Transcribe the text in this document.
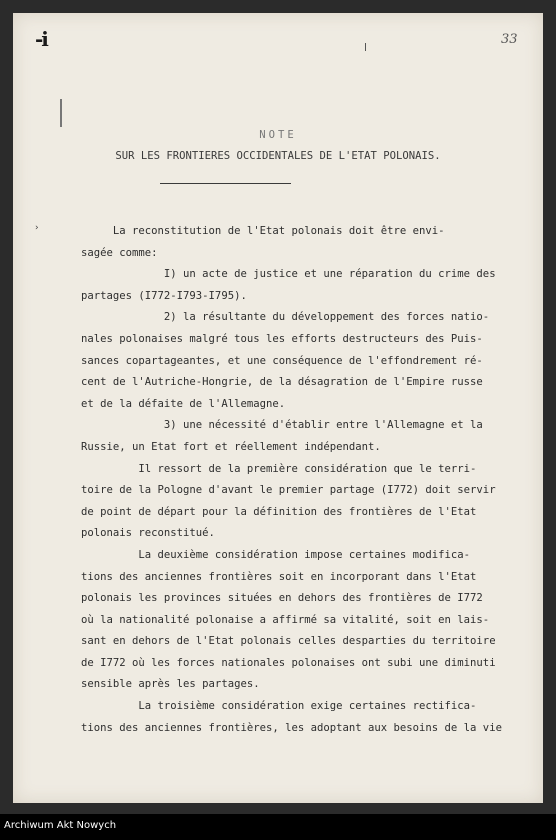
-i	33
›
NOTE
SUR LES FRONTIERES OCCIDENTALES DE L'ETAT POLONAIS.
La reconstitution de l'Etat polonais doit être envi-
sagée comme:
I) un acte de justice et une réparation du crime des
partages (I772-I793-I795).
2) la résultante du développement des forces natio-
nales polonaises malgré tous les efforts destructeurs des Puis-
sances copartageantes, et une conséquence de l'effondrement ré-
cent de l'Autriche-Hongrie, de la désagration de l'Empire russe
et de la défaite de l'Allemagne.
3) une nécessité d'établir entre l'Allemagne et la
Russie, un Etat fort et réellement indépendant.
Il ressort de la première considération que le terri-
toire de la Pologne d'avant le premier partage (I772) doit servir
de point de départ pour la définition des frontières de l'Etat
polonais reconstitué.
La deuxième considération impose certaines modifica-
tions des anciennes frontières soit en incorporant dans l'Etat
polonais les provinces situées en dehors des frontières de I772
où la nationalité polonaise a affirmé sa vitalité, soit en lais-
sant en dehors de l'Etat polonais celles desparties du territoire
de I772 où les forces nationales polonaises ont subi une diminuti
sensible après les partages.
La troisième considération exige certaines rectifica-
tions des anciennes frontières, les adoptant aux besoins de la vie
Archiwum Akt Nowych
